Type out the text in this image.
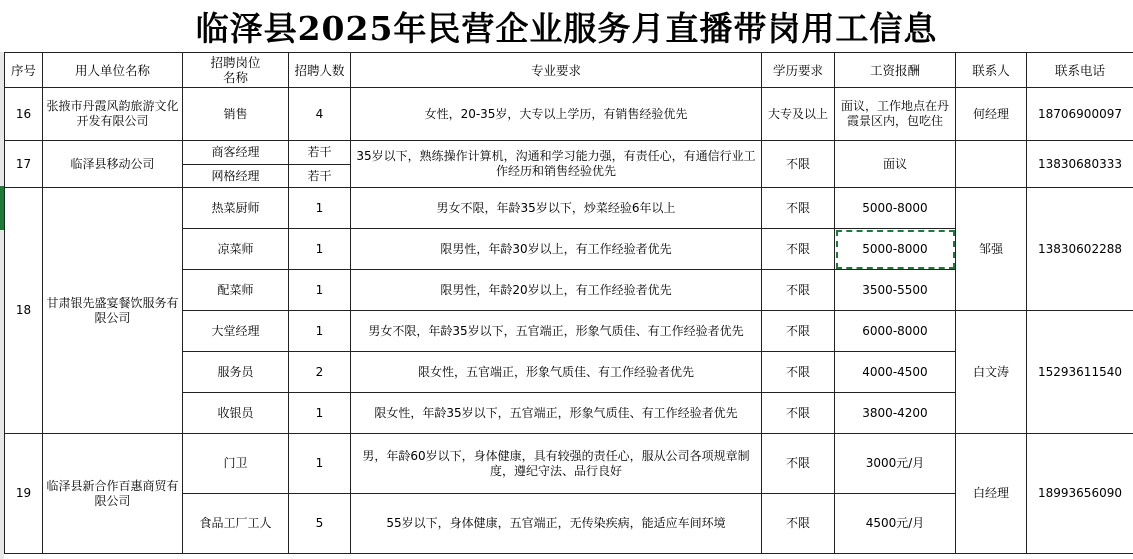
临泽县2025年民营企业服务月直播带岗用工信息
序号	用人单位名称	招聘岗位名称	招聘人数	专业要求	学历要求	工资报酬	联系人	联系电话
16	张掖市丹霞风韵旅游文化开发有限公司	销售	4	女性，20-35岁，大专以上学历，有销售经验优先	大专及以上	面议，工作地点在丹霞景区内，包吃住	何经理	18706900097
17	临泽县移动公司	商客经理	若干	35岁以下，熟练操作计算机，沟通和学习能力强，有责任心，有通信行业工作经历和销售经验优先	不限	面议		13830680333
		网格经理	若干					
18	甘肃银先盛宴餐饮服务有限公司	热菜厨师	1	男女不限，年龄35岁以下，炒菜经验6年以上	不限	5000-8000	邹强	13830602288
		凉菜师	1	限男性，年龄30岁以上，有工作经验者优先	不限	5000-8000		
		配菜师	1	限男性，年龄20岁以上，有工作经验者优先	不限	3500-5500		
		大堂经理	1	男女不限，年龄35岁以下，五官端正，形象气质佳、有工作经验者优先	不限	6000-8000	白文涛	15293611540
		服务员	2	限女性，五官端正，形象气质佳、有工作经验者优先	不限	4000-4500		
		收银员	1	限女性，年龄35岁以下，五官端正，形象气质佳、有工作经验者优先	不限	3800-4200		
19	临泽县新合作百惠商贸有限公司	门卫	1	男，年龄60岁以下，身体健康，具有较强的责任心，服从公司各项规章制度，遵纪守法、品行良好	不限	3000元/月	白经理	18993656090
		食品工厂工人	5	55岁以下，身体健康，五官端正，无传染疾病，能适应车间环境	不限	4500元/月		
